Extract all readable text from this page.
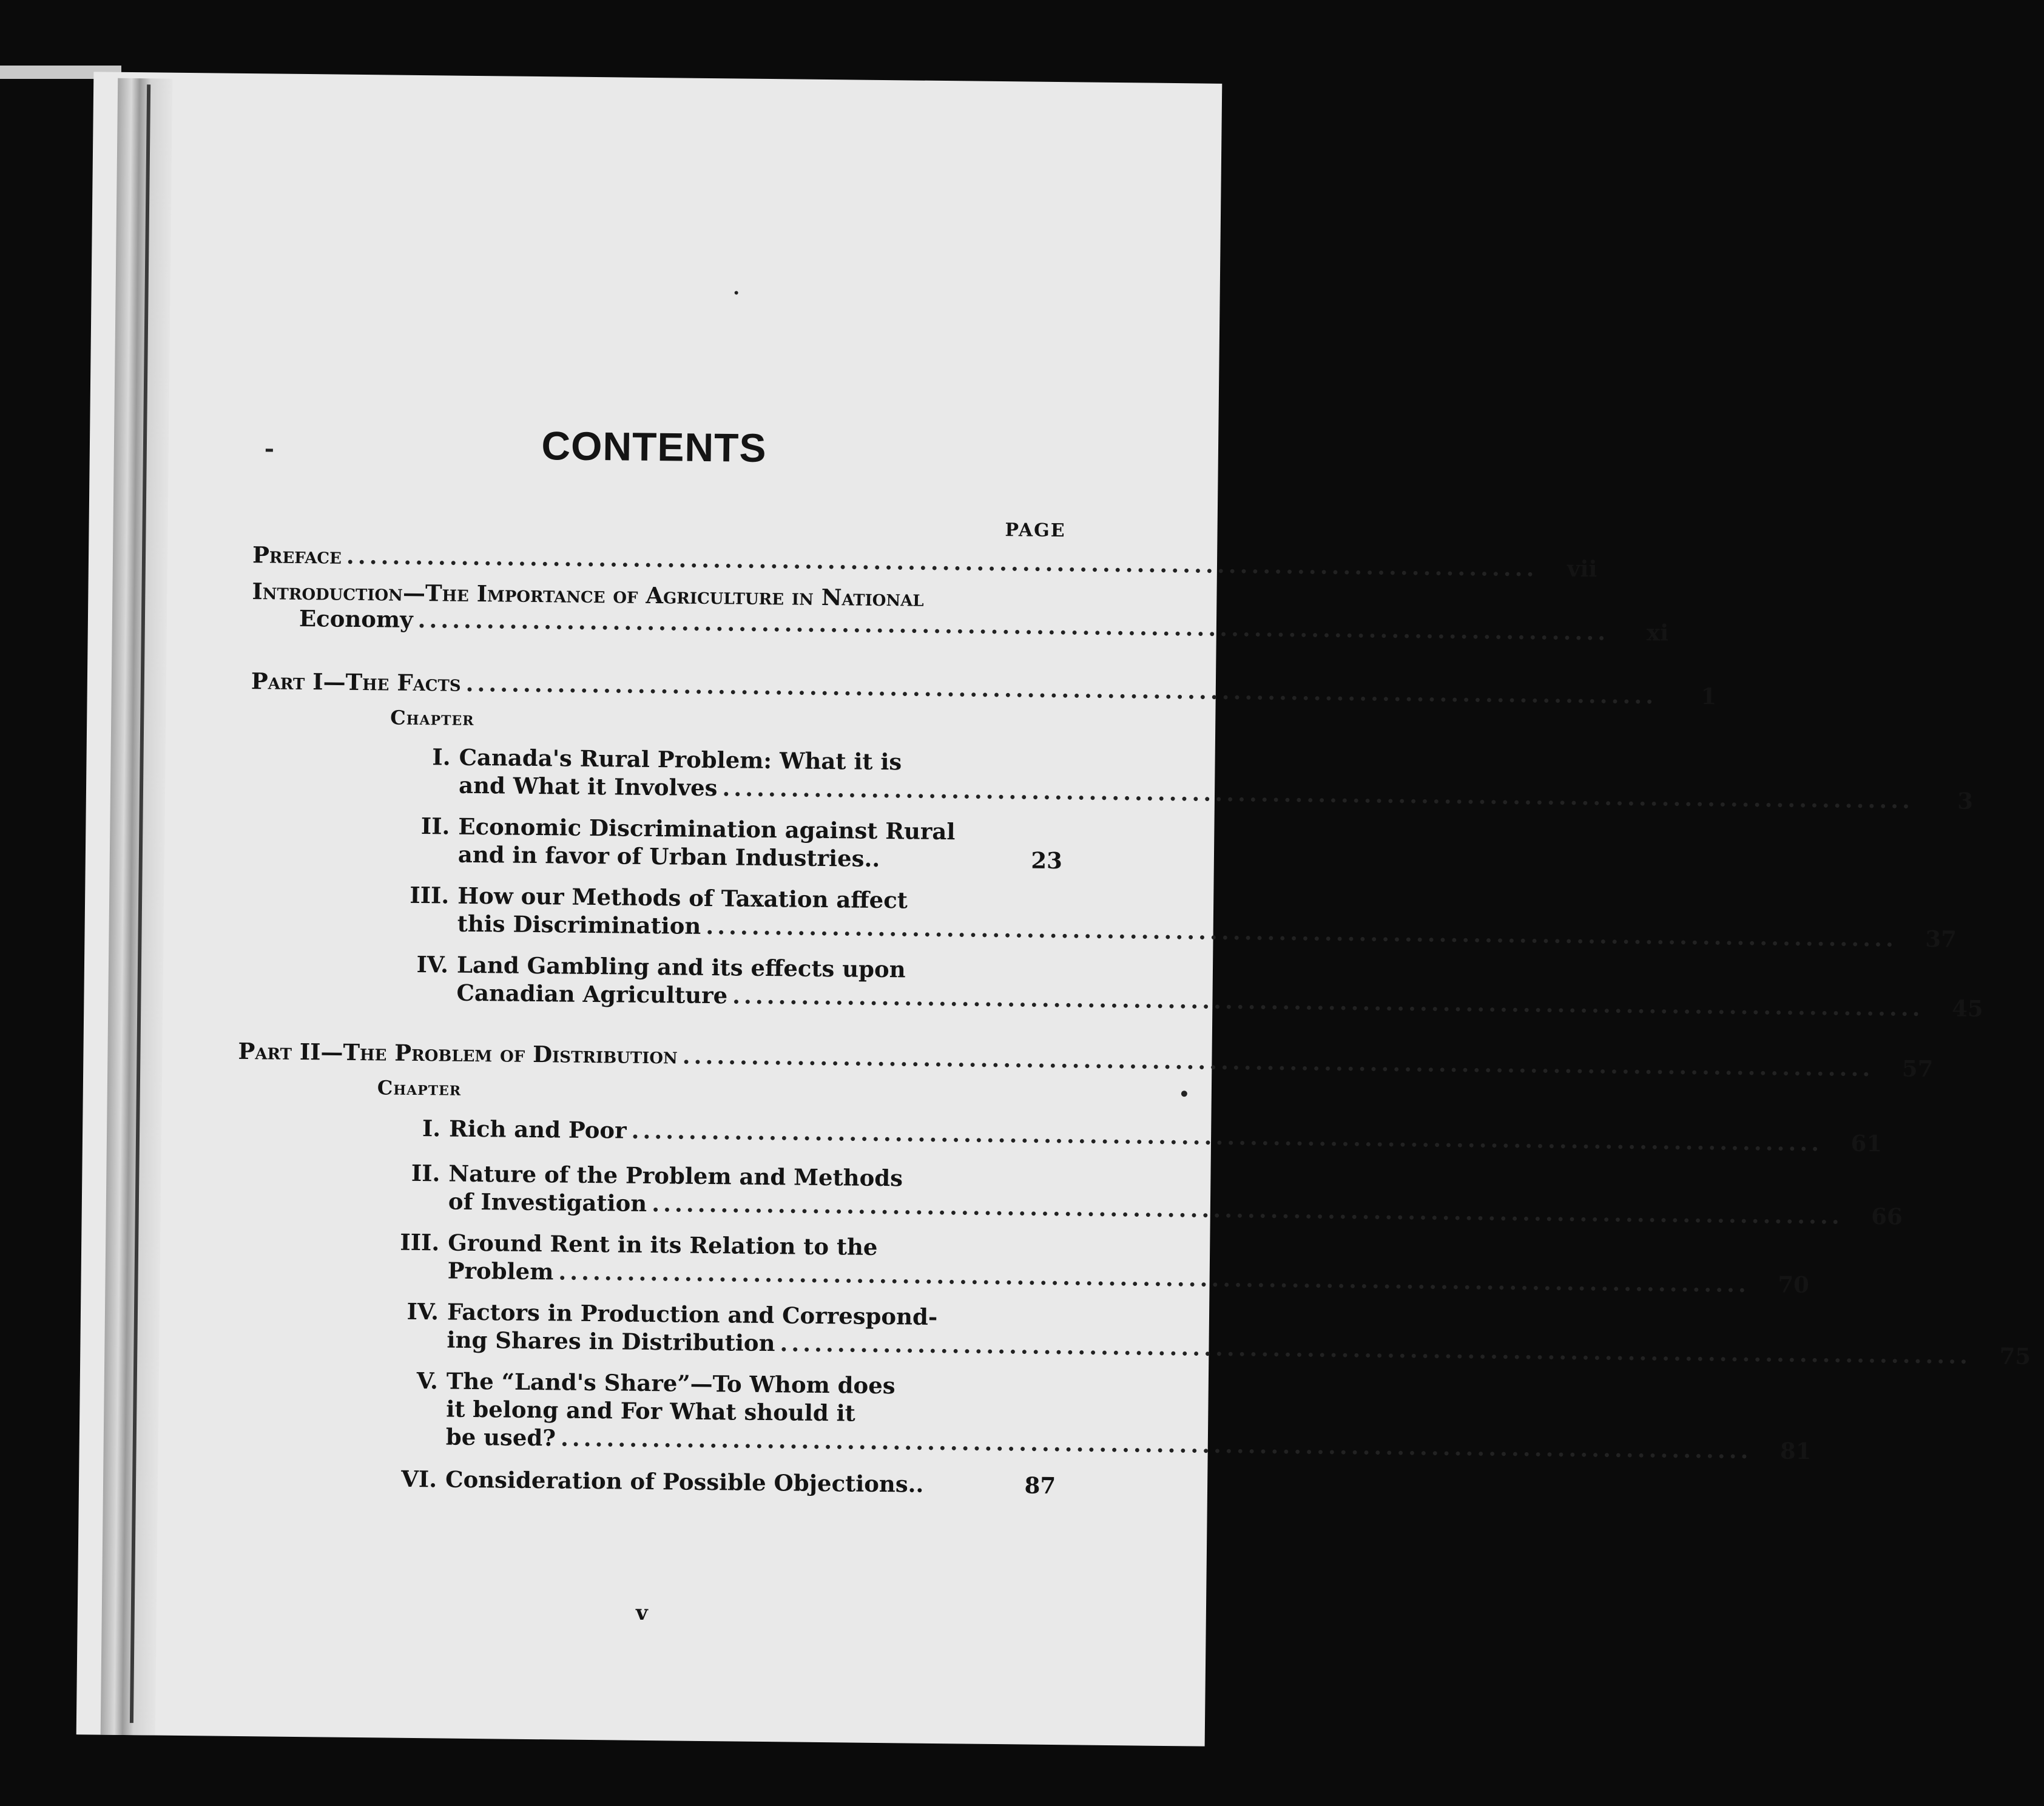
CONTENTS
PAGE
Preface ........................................................................................................	vii
Introduction—The Importance of Agriculture in National
Economy ........................................................................................................	xi
Part I—The Facts ........................................................................................................	1
Chapter
I. Canada's Rural Problem: What it is
and What it Involves ........................................................................................................	3
II. Economic Discrimination against Rural
and in favor of Urban Industries..	23
III. How our Methods of Taxation affect
this Discrimination ........................................................................................................	37
IV. Land Gambling and its effects upon
Canadian Agriculture ........................................................................................................	45
Part II—The Problem of Distribution ........................................................................................................	57
Chapter
I. Rich and Poor ........................................................................................................	61
II. Nature of the Problem and Methods
of Investigation ........................................................................................................	66
III. Ground Rent in its Relation to the
Problem ........................................................................................................	70
IV. Factors in Production and Correspond-
ing Shares in Distribution ........................................................................................................	75
V. The “Land's Share”—To Whom does
it belong and For What should it
be used? ........................................................................................................	81
VI. Consideration of Possible Objections..	87
v
